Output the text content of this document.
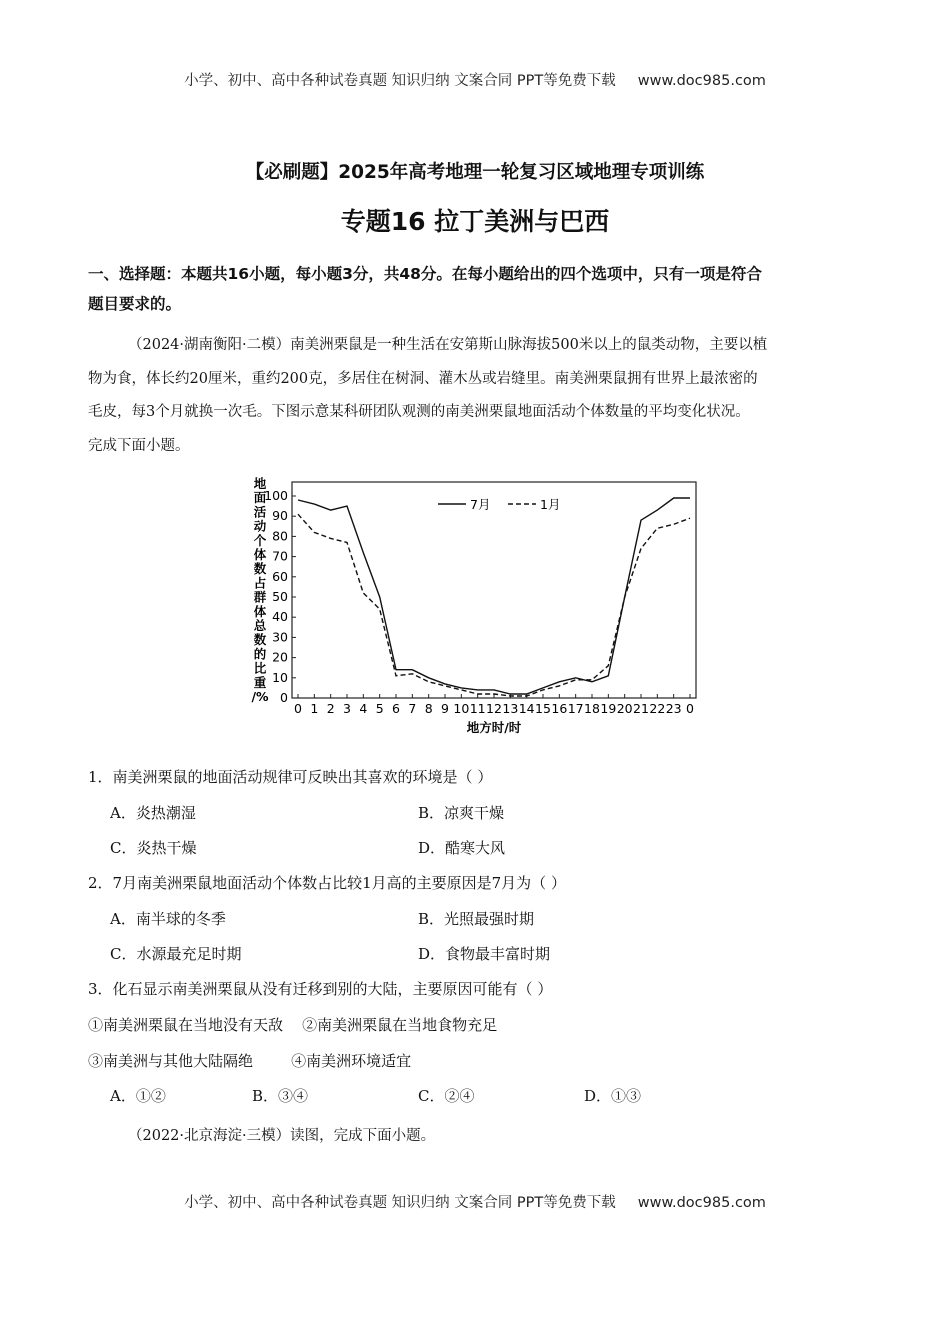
小学、初中、高中各种试卷真题 知识归纳 文案合同 PPT等免费下载 www.doc985.com
【必刷题】2025年高考地理一轮复习区域地理专项训练
专题16 拉丁美洲与巴西
一、选择题：本题共16小题，每小题3分，共48分。在每小题给出的四个选项中，只有一项是符合
题目要求的。
（2024·湖南衡阳·二模）南美洲栗鼠是一种生活在安第斯山脉海拔500米以上的鼠类动物，主要以植
物为食，体长约20厘米，重约200克，多居住在树洞、灌木丛或岩缝里。南美洲栗鼠拥有世界上最浓密的
毛皮，每3个月就换一次毛。下图示意某科研团队观测的南美洲栗鼠地面活动个体数量的平均变化状况。
完成下面小题。
0
10
20
30
40
50
60
70
80
90
100
0 1 2 3 4 5 6 7 8 9 10 11 12 13 14 15 16 17 18 19 20 21 22 23 0
地方时/时
地
面
活
动
个
体
数
占
群
体
总
数
的
比
重
/%
7月	1月
1．南美洲栗鼠的地面活动规律可反映出其喜欢的环境是（ ）
A．炎热潮湿	B．凉爽干燥
C．炎热干燥	D．酷寒大风
2．7月南美洲栗鼠地面活动个体数占比较1月高的主要原因是7月为（ ）
A．南半球的冬季	B．光照最强时期
C．水源最充足时期	D．食物最丰富时期
3．化石显示南美洲栗鼠从没有迁移到别的大陆，主要原因可能有（ ）
①南美洲栗鼠在当地没有天敌    ②南美洲栗鼠在当地食物充足
③南美洲与其他大陆隔绝        ④南美洲环境适宜
A．①②	B．③④	C．②④	D．①③
（2022·北京海淀·三模）读图，完成下面小题。
小学、初中、高中各种试卷真题 知识归纳 文案合同 PPT等免费下载 www.doc985.com
